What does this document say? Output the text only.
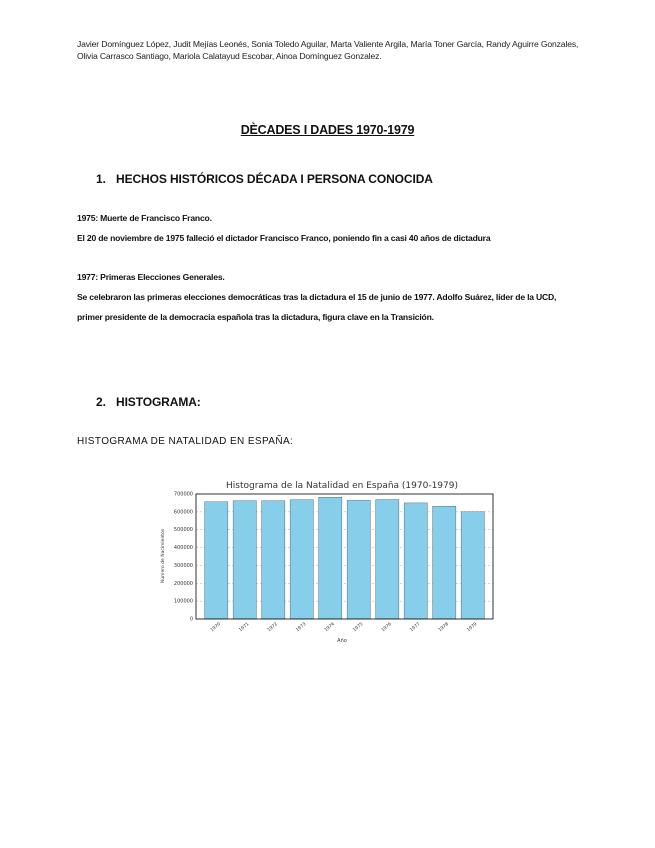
Javier Domínguez López, Judit Mejías Leonés, Sonia Toledo Aguilar, Marta Valiente Argila, María Toner García, Randy Aguirre Gonzales, Olivia Carrasco Santiago, Mariola Calatayud Escobar, Ainoa Domínguez Gonzalez.
DÈCADES I DADES 1970-1979
1. HECHOS HISTÓRICOS DÉCADA I PERSONA CONOCIDA
1975: Muerte de Francisco Franco.
El 20 de noviembre de 1975 falleció el dictador Francisco Franco, poniendo fin a casi 40 años de dictadura
1977: Primeras Elecciones Generales.
Se celebraron las primeras elecciones democráticas tras la dictadura el 15 de junio de 1977. Adolfo Suárez, líder de la UCD, primer presidente de la democracia española tras la dictadura, figura clave en la Transición.
2. HISTOGRAMA:
HISTOGRAMA DE NATALIDAD EN ESPAÑA:
Histograma de la Natalidad en España (1970-1979)
0
100000
200000
300000
400000
500000
600000
700000
1970	1971	1972	1973	1974	1975	1976	1977	1978	1979
Año
Número de Nacimientos
